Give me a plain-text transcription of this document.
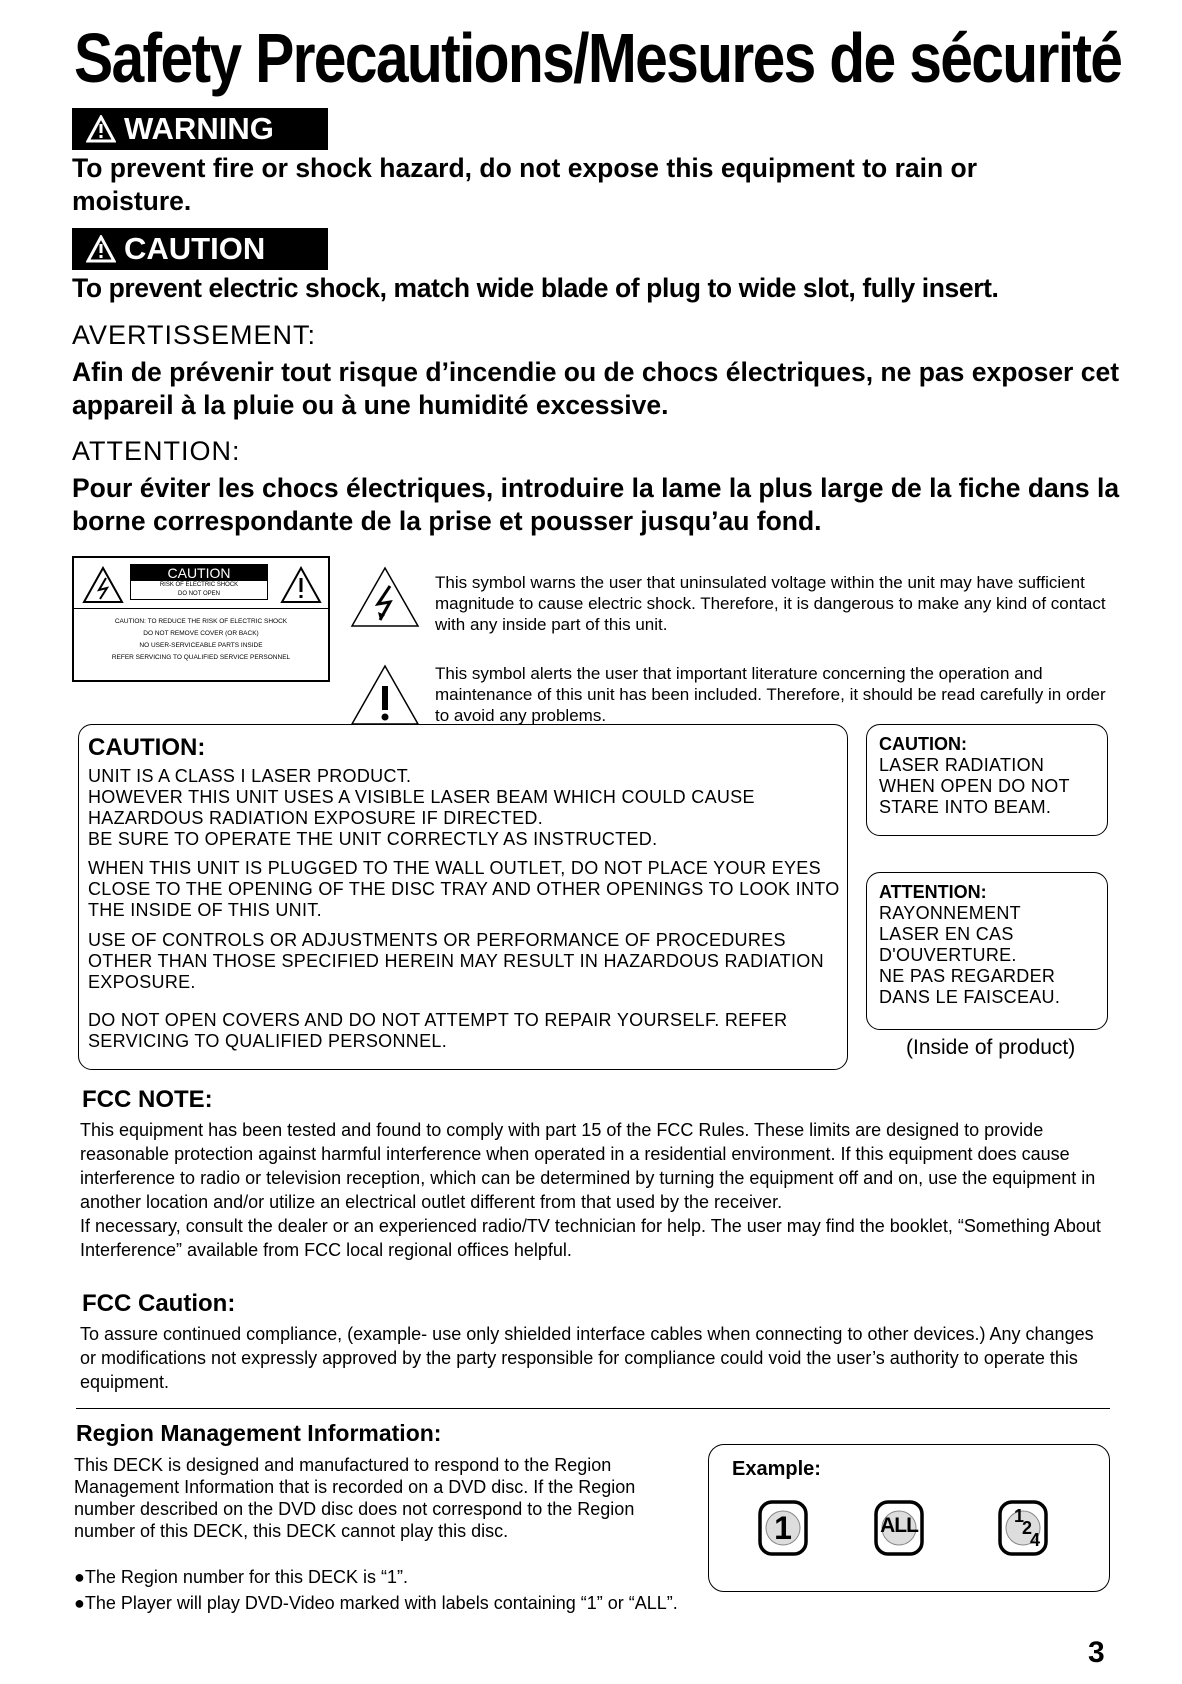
Safety Precautions/Mesures de sécurité
WARNING
To prevent fire or shock hazard, do not expose this equipment to rain or moisture.
CAUTION
To prevent electric shock, match wide blade of plug to wide slot, fully insert.
AVERTISSEMENT:
Afin de prévenir tout risque d’incendie ou de chocs électriques, ne pas exposer cet appareil à la pluie ou à une humidité excessive.
ATTENTION:
Pour éviter les chocs électriques, introduire la lame la plus large de la fiche dans la borne correspondante de la prise et pousser jusqu’au fond.
CAUTION
RISK OF ELECTRIC SHOCK
DO NOT OPEN
CAUTION: TO REDUCE THE RISK OF ELECTRIC SHOCK
DO NOT REMOVE COVER (OR BACK)
NO USER-SERVICEABLE PARTS INSIDE
REFER SERVICING TO QUALIFIED SERVICE PERSONNEL
This symbol warns the user that uninsulated voltage within the unit may have sufficient magnitude to cause electric shock. Therefore, it is dangerous to make any kind of contact with any inside part of this unit.
This symbol alerts the user that important literature concerning the operation and maintenance of this unit has been included. Therefore, it should be read carefully in order to avoid any problems.
CAUTION:
UNIT IS A CLASS I LASER PRODUCT.
HOWEVER THIS UNIT USES A VISIBLE LASER BEAM WHICH COULD CAUSE HAZARDOUS RADIATION EXPOSURE IF DIRECTED.
BE SURE TO OPERATE THE UNIT CORRECTLY AS INSTRUCTED.
WHEN THIS UNIT IS PLUGGED TO THE WALL OUTLET, DO NOT PLACE YOUR EYES CLOSE TO THE OPENING OF THE DISC TRAY AND OTHER OPENINGS TO LOOK INTO THE INSIDE OF THIS UNIT.
USE OF CONTROLS OR ADJUSTMENTS OR PERFORMANCE OF PROCEDURES OTHER THAN THOSE SPECIFIED HEREIN MAY RESULT IN HAZARDOUS RADIATION EXPOSURE.
DO NOT OPEN COVERS AND DO NOT ATTEMPT TO REPAIR YOURSELF. REFER SERVICING TO QUALIFIED PERSONNEL.
CAUTION:
LASER RADIATION
WHEN OPEN DO NOT
STARE INTO BEAM.
ATTENTION:
RAYONNEMENT
LASER EN CAS
D'OUVERTURE.
NE PAS REGARDER
DANS LE FAISCEAU.
(Inside of product)
FCC NOTE:
This equipment has been tested and found to comply with part 15 of the FCC Rules. These limits are designed to provide reasonable protection against harmful interference when operated in a residential environment. If this equipment does cause interference to radio or television reception, which can be determined by turning the equipment off and on, use the equipment in another location and/or utilize an electrical outlet different from that used by the receiver.
If necessary, consult the dealer or an experienced radio/TV technician for help. The user may find the booklet, “Something About Interference” available from FCC local regional offices helpful.
FCC Caution:
To assure continued compliance, (example- use only shielded interface cables when connecting to other devices.) Any changes or modifications not expressly approved by the party responsible for compliance could void the user’s authority to operate this equipment.
Region Management Information:
This DECK is designed and manufactured to respond to the Region Management Information that is recorded on a DVD disc. If the Region number described on the DVD disc does not correspond to the Region number of this DECK, this DECK cannot play this disc.
●The Region number for this DECK is “1”.
●The Player will play DVD-Video marked with labels containing “1” or “ALL”.
Example:
1	ALL	1
2
4
3
